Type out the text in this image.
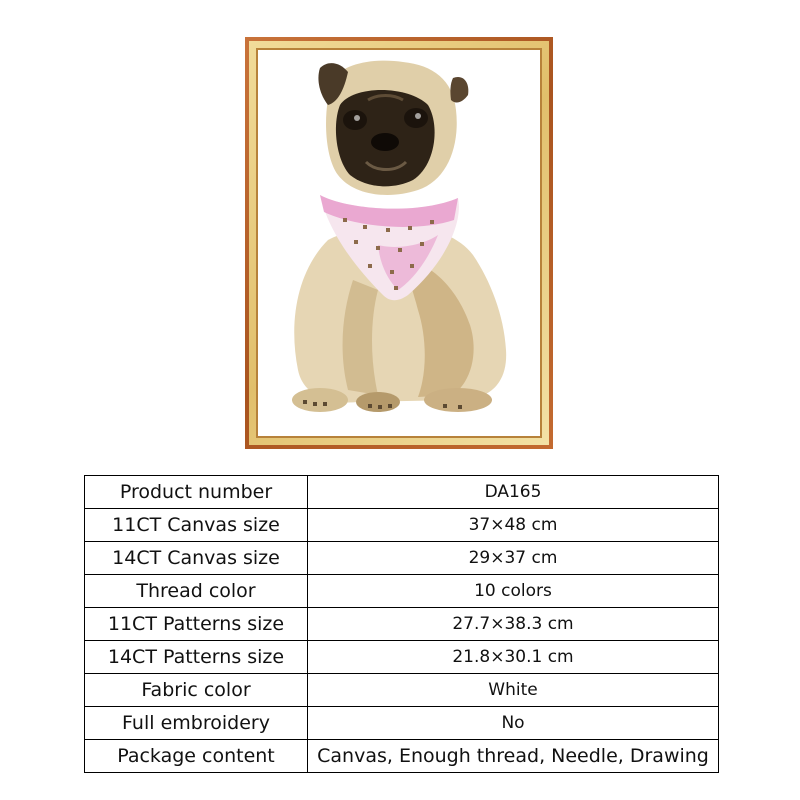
Product number	DA165
11CT Canvas size	37×48 cm
14CT Canvas size	29×37 cm
Thread color	10 colors
11CT Patterns size	27.7×38.3 cm
14CT Patterns size	21.8×30.1 cm
Fabric color	White
Full embroidery	No
Package content	Canvas, Enough thread, Needle, Drawing
